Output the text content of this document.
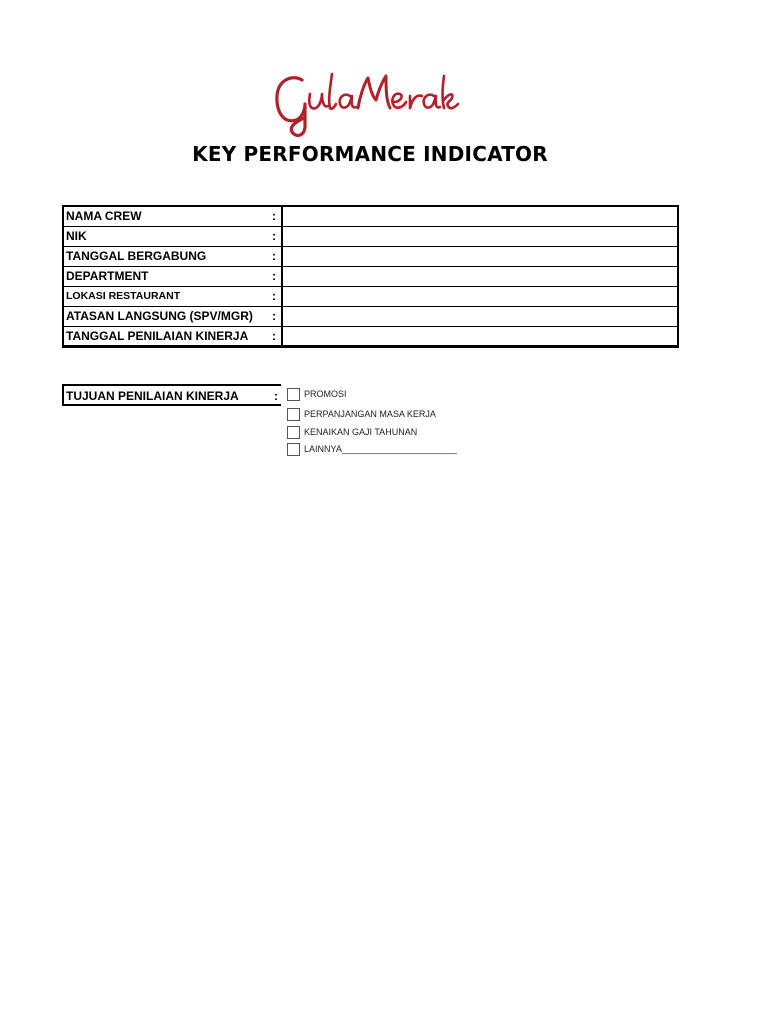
KEY PERFORMANCE INDICATOR
NAMA CREW	:
NIK	:
TANGGAL BERGABUNG	:
DEPARTMENT	:
LOKASI RESTAURANT	:
ATASAN LANGSUNG (SPV/MGR)	:
TANGGAL PENILAIAN KINERJA	:
TUJUAN PENILAIAN KINERJA	:	PROMOSI
PERPANJANGAN MASA KERJA
KENAIKAN GAJI TAHUNAN
LAINNYA_______________________
